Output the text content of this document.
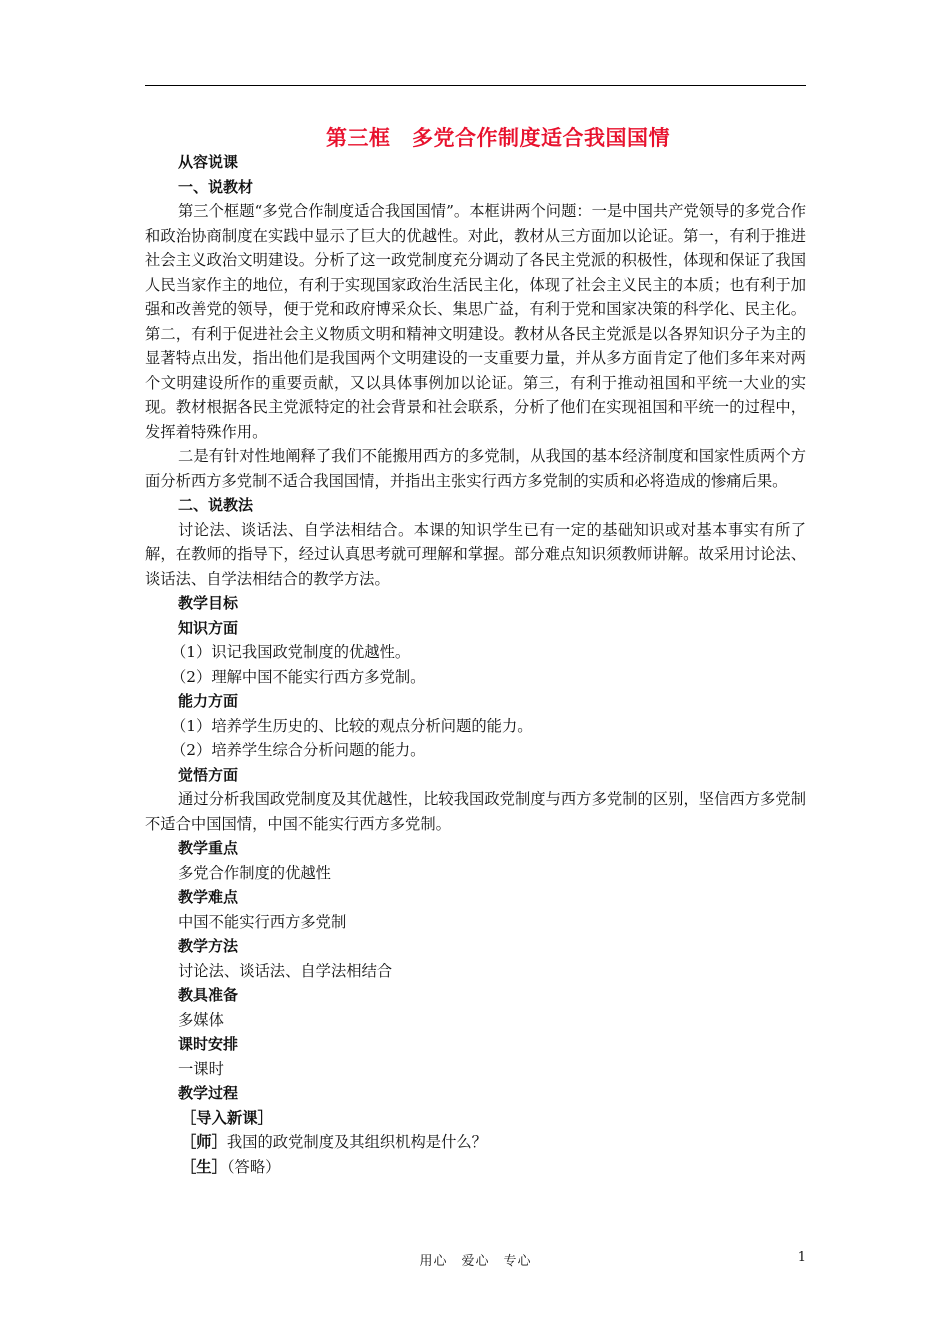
第三框　多党合作制度适合我国国情

从容说课

一、说教材

第三个框题“多党合作制度适合我国国情”。本框讲两个问题：一是中国共产党领导的多党合作和政治协商制度在实践中显示了巨大的优越性。对此，教材从三方面加以论证。第一，有利于推进社会主义政治文明建设。分析了这一政党制度充分调动了各民主党派的积极性，体现和保证了我国人民当家作主的地位，有利于实现国家政治生活民主化，体现了社会主义民主的本质；也有利于加强和改善党的领导，便于党和政府博采众长、集思广益，有利于党和国家决策的科学化、民主化。第二，有利于促进社会主义物质文明和精神文明建设。教材从各民主党派是以各界知识分子为主的显著特点出发，指出他们是我国两个文明建设的一支重要力量，并从多方面肯定了他们多年来对两个文明建设所作的重要贡献，又以具体事例加以论证。第三，有利于推动祖国和平统一大业的实现。教材根据各民主党派特定的社会背景和社会联系，分析了他们在实现祖国和平统一的过程中，发挥着特殊作用。

二是有针对性地阐释了我们不能搬用西方的多党制，从我国的基本经济制度和国家性质两个方面分析西方多党制不适合我国国情，并指出主张实行西方多党制的实质和必将造成的惨痛后果。

二、说教法

讨论法、谈话法、自学法相结合。本课的知识学生已有一定的基础知识或对基本事实有所了解，在教师的指导下，经过认真思考就可理解和掌握。部分难点知识须教师讲解。故采用讨论法、谈话法、自学法相结合的教学方法。

教学目标

知识方面

（1）识记我国政党制度的优越性。

（2）理解中国不能实行西方多党制。

能力方面

（1）培养学生历史的、比较的观点分析问题的能力。

（2）培养学生综合分析问题的能力。

觉悟方面

通过分析我国政党制度及其优越性，比较我国政党制度与西方多党制的区别，坚信西方多党制不适合中国国情，中国不能实行西方多党制。

教学重点

多党合作制度的优越性

教学难点

中国不能实行西方多党制

教学方法

讨论法、谈话法、自学法相结合

教具准备

多媒体

课时安排

一课时

教学过程

［导入新课］

［师］我国的政党制度及其组织机构是什么？

［生］（答略）

用心　爱心　专心	1
